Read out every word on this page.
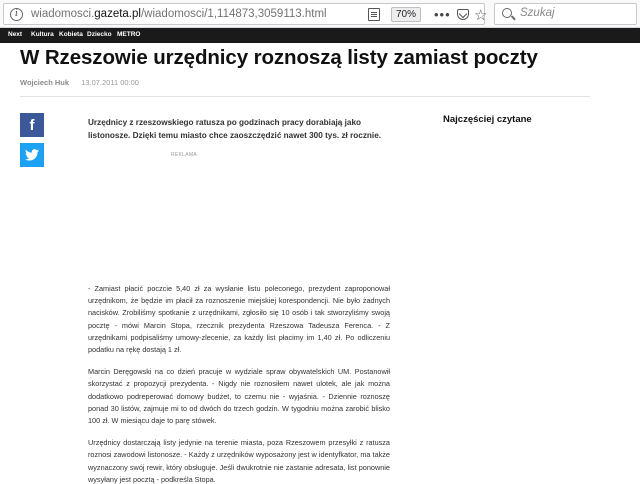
i	wiadomosci.gazeta.pl/wiadomosci/1,114873,3059113.html	70%	••• ☆
Szukaj
Next Kultura Kobieta Dziecko METRO
W Rzeszowie urzędnicy roznoszą listy zamiast poczty
Wojciech Huk 13.07.2011 00:00
f	Urzędnicy z rzeszowskiego ratusza po godzinach pracy dorabiają jako listonosze. Dzięki temu miasto chce zaoszczędzić nawet 300 tys. zł rocznie.

REKLAMA
Najczęściej czytane

- Zamiast płacić poczcie 5,40 zł za wysłanie listu poleconego, prezydent zaproponował urzędnikom, że będzie im płacił za roznoszenie miejskiej korespondencji. Nie było żadnych nacisków. Zrobiliśmy spotkanie z urzędnikami, zgłosiło się 10 osób i tak stworzyliśmy swoją pocztę - mówi Marcin Stopa, rzecznik prezydenta Rzeszowa Tadeusza Ferenca. - Z urzędnikami podpisaliśmy umowy-zlecenie, za każdy list płacimy im 1,40 zł. Po odliczeniu podatku na rękę dostają 1 zł.

Marcin Deręgowski na co dzień pracuje w wydziale spraw obywatelskich UM. Postanowił skorzystać z propozycji prezydenta. - Nigdy nie roznosiłem nawet ulotek, ale jak można dodatkowo podreperować domowy budżet, to czemu nie - wyjaśnia. - Dziennie roznoszę ponad 30 listów, zajmuje mi to od dwóch do trzech godzin. W tygodniu można zarobić blisko 100 zł. W miesiącu daje to parę stówek.

Urzędnicy dostarczają listy jedynie na terenie miasta, poza Rzeszowem przesyłki z ratusza roznosi zawodowi listonosze. - Każdy z urzędników wyposażony jest w identyfkator, ma także wyznaczony swój rewir, który obsługuje. Jeśli dwukrotnie nie zastanie adresata, list ponownie wysyłany jest pocztą - podkreśla Stopa.
